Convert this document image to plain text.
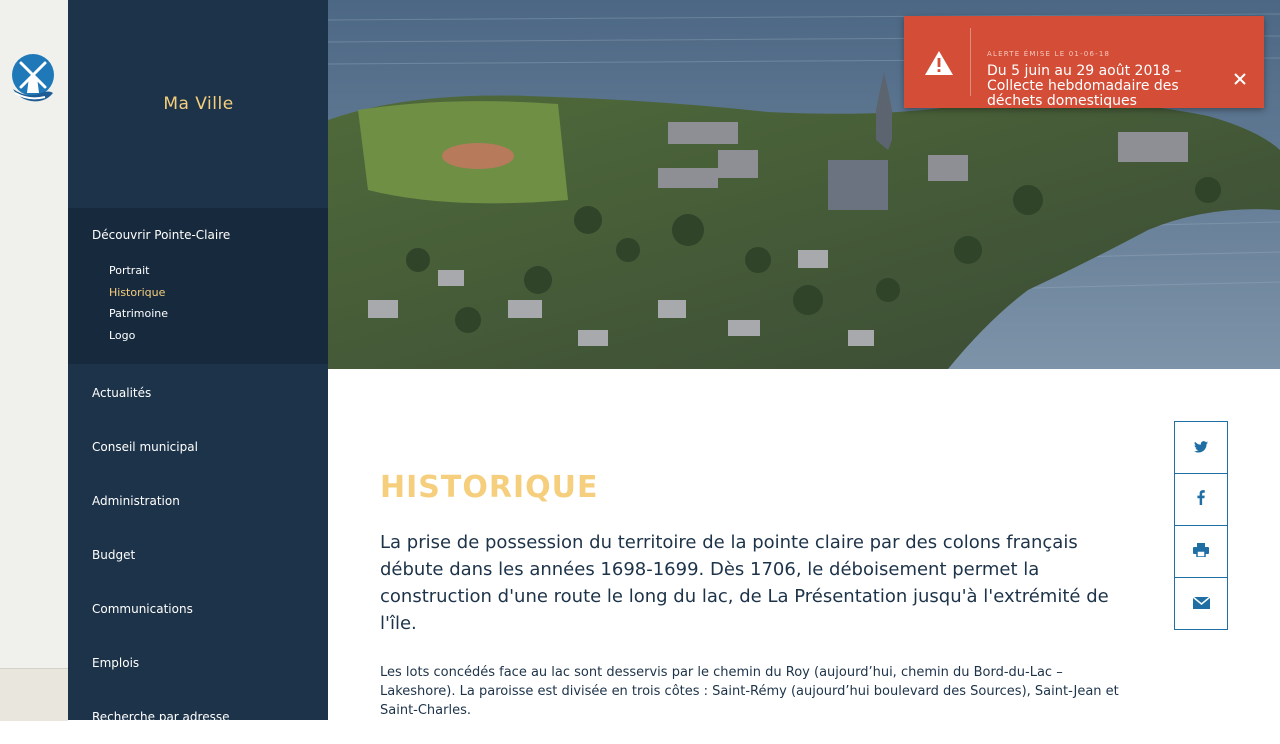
Ma Ville
Découvrir Pointe-Claire
Portrait
Historique
Patrimoine
Logo
Actualités
Conseil municipal
Administration
Budget
Communications
Emplois
Recherche par adresse
ALERTE ÉMISE LE 01-06-18
Du 5 juin au 29 août 2018 – Collecte hebdomadaire des déchets domestiques
HISTORIQUE

La prise de possession du territoire de la pointe claire par des colons français débute dans les années 1698-1699. Dès 1706, le déboisement permet la construction d'une route le long du lac, de La Présentation jusqu'à l'extrémité de l'île.

Les lots concédés face au lac sont desservis par le chemin du Roy (aujourd’hui, chemin du Bord-du-Lac – Lakeshore). La paroisse est divisée en trois côtes : Saint-Rémy (aujourd’hui boulevard des Sources), Saint-Jean et Saint-Charles.
